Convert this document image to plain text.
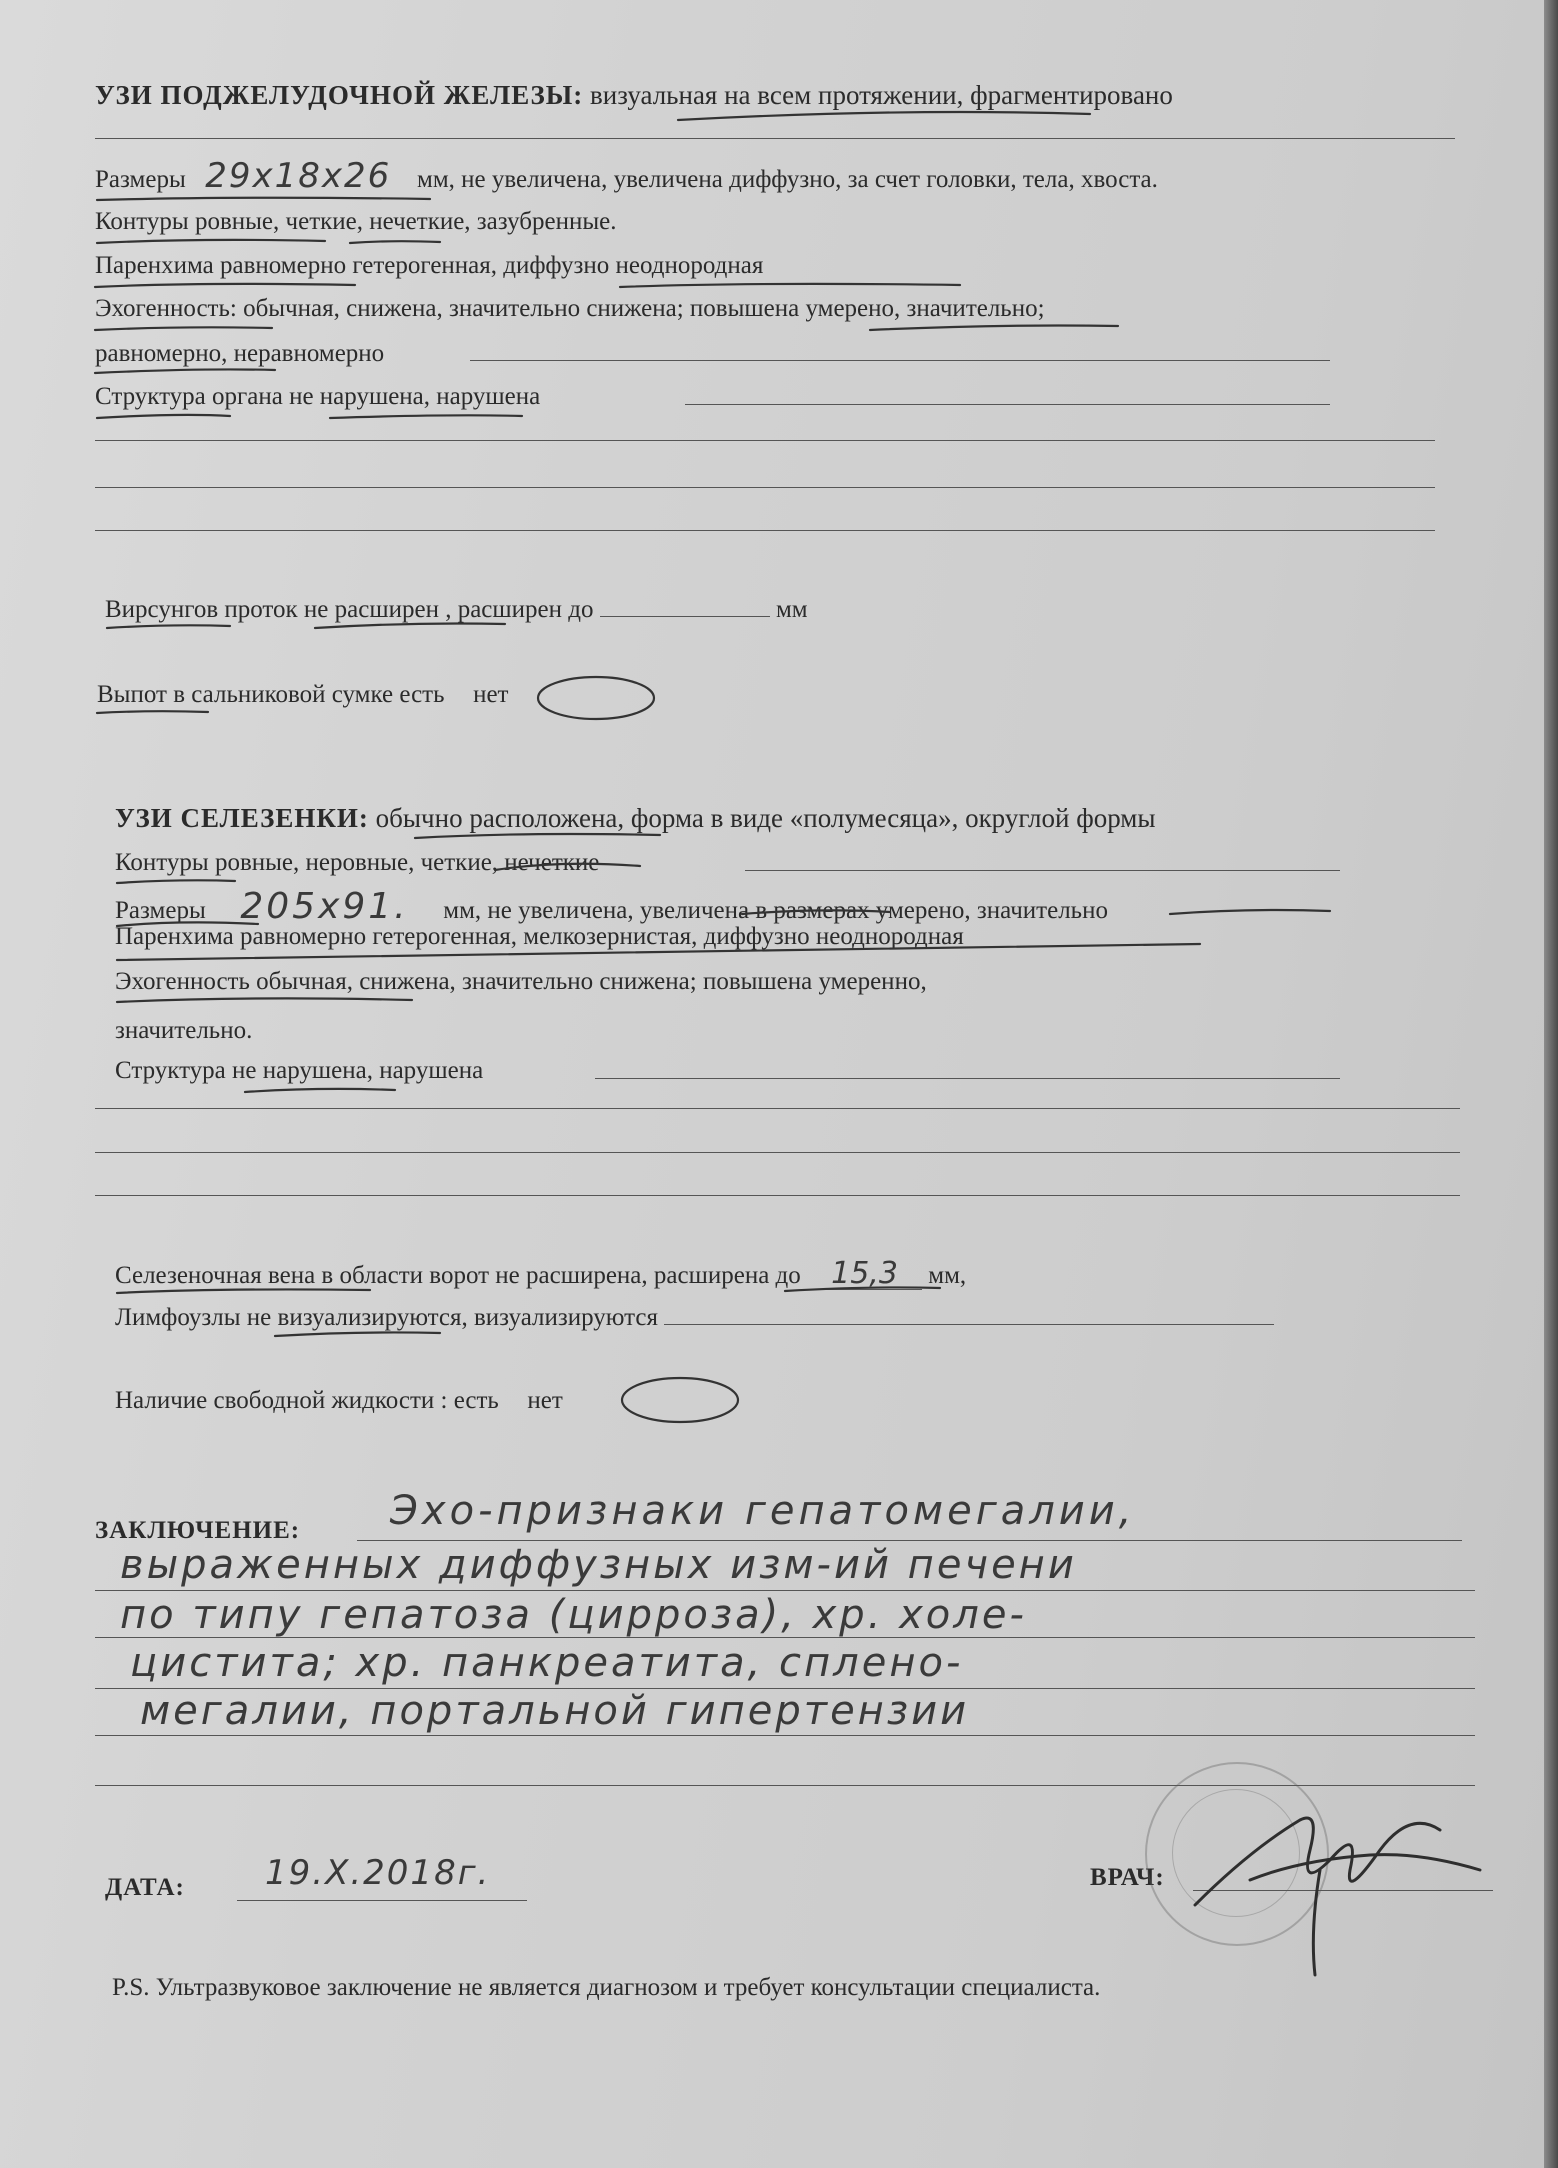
УЗИ ПОДЖЕЛУДОЧНОЙ ЖЕЛЕЗЫ: визуальная на всем протяжении, фрагментировано
Размеры 29х18х26 мм, не увеличена, увеличена диффузно, за счет головки, тела, хвоста.
Контуры ровные, четкие, нечеткие, зазубренные.
Паренхима равномерно гетерогенная, диффузно неоднородная
Эхогенность: обычная, снижена, значительно снижена; повышена умерено, значительно;
равномерно, неравномерно
Структура органа не нарушена, нарушена
Вирсунгов проток не расширен , расширен до	мм
Выпот в сальниковой сумке есть нет
УЗИ СЕЛЕЗЕНКИ: обычно расположена, форма в виде «полумесяца», округлой формы
Контуры ровные, неровные, четкие, нечеткие
Размеры 205х91. мм, не увеличена, увеличена в размерах умерено, значительно
Паренхима равномерно гетерогенная, мелкозернистая, диффузно неоднородная
Эхогенность обычная, снижена, значительно снижена; повышена умеренно,
значительно.
Структура не нарушена, нарушена
Селезеночная вена в области ворот не расширена, расширена до 15,3 мм,
Лимфоузлы не визуализируются, визуализируются
Наличие свободной жидкости : есть нет
ЗАКЛЮЧЕНИЕ: Эхо-признаки гепатомегалии,
выраженных диффузных изм-ий печени
по типу гепатоза (цирроза), хр. холе-
цистита; хр. панкреатита, спленo-
мегалии, портальной гипертензии
ДАТА: 19.Х.2018г.	ВРАЧ:
P.S. Ультразвуковое заключение не является диагнозом и требует консультации специалиста.
